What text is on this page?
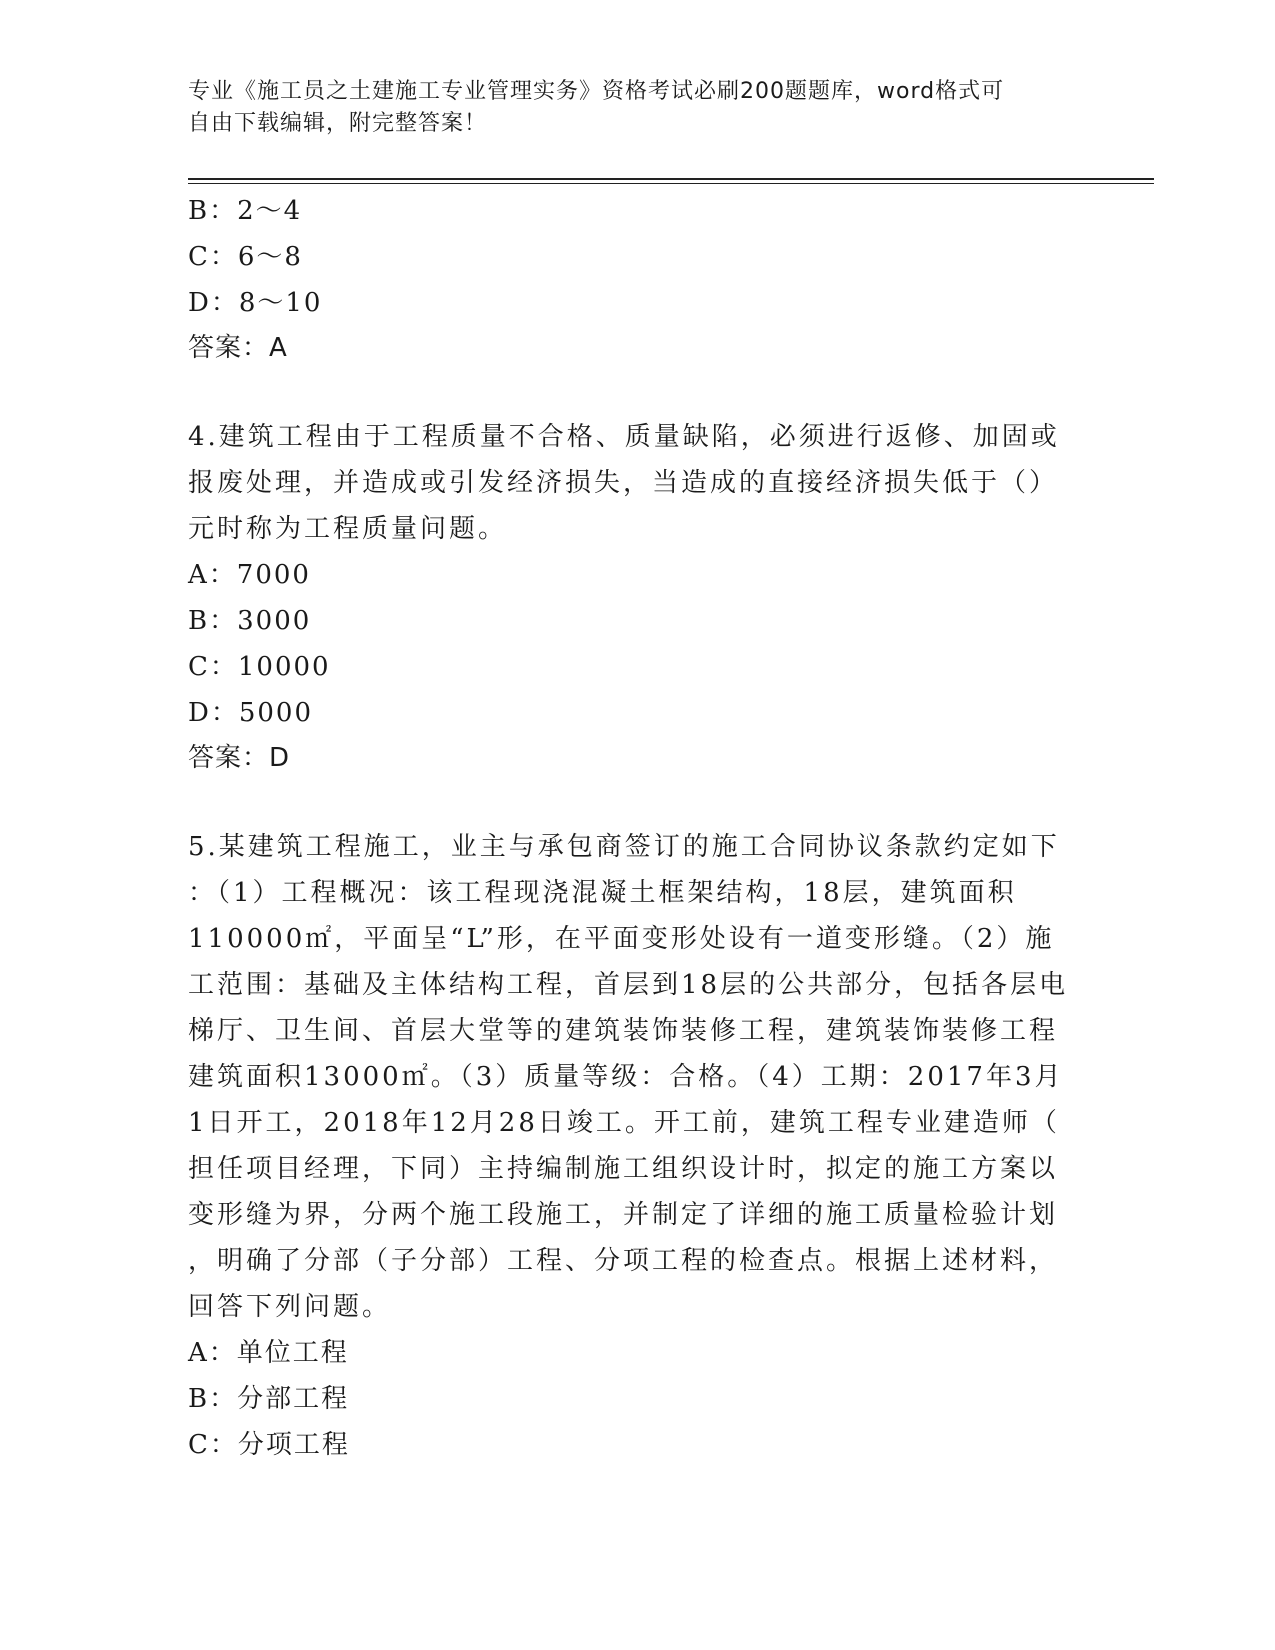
专业《施工员之土建施工专业管理实务》资格考试必刷200题题库，word格式可
自由下载编辑，附完整答案！
B：2～4
C：6～8
D：8～10
答案：A
4.建筑工程由于工程质量不合格、质量缺陷，必须进行返修、加固或
报废处理，并造成或引发经济损失，当造成的直接经济损失低于（）
元时称为工程质量问题。
A：7000
B：3000
C：10000
D：5000
答案：D
5.某建筑工程施工，业主与承包商签订的施工合同协议条款约定如下
：（1）工程概况：该工程现浇混凝土框架结构，18层，建筑面积
110000㎡，平面呈“L”形，在平面变形处设有一道变形缝。（2）施
工范围：基础及主体结构工程，首层到18层的公共部分，包括各层电
梯厅、卫生间、首层大堂等的建筑装饰装修工程，建筑装饰装修工程
建筑面积13000㎡。（3）质量等级：合格。（4）工期：2017年3月
1日开工，2018年12月28日竣工。开工前，建筑工程专业建造师（
担任项目经理，下同）主持编制施工组织设计时，拟定的施工方案以
变形缝为界，分两个施工段施工，并制定了详细的施工质量检验计划
，明确了分部（子分部）工程、分项工程的检查点。根据上述材料，
回答下列问题。
A：单位工程
B：分部工程
C：分项工程
